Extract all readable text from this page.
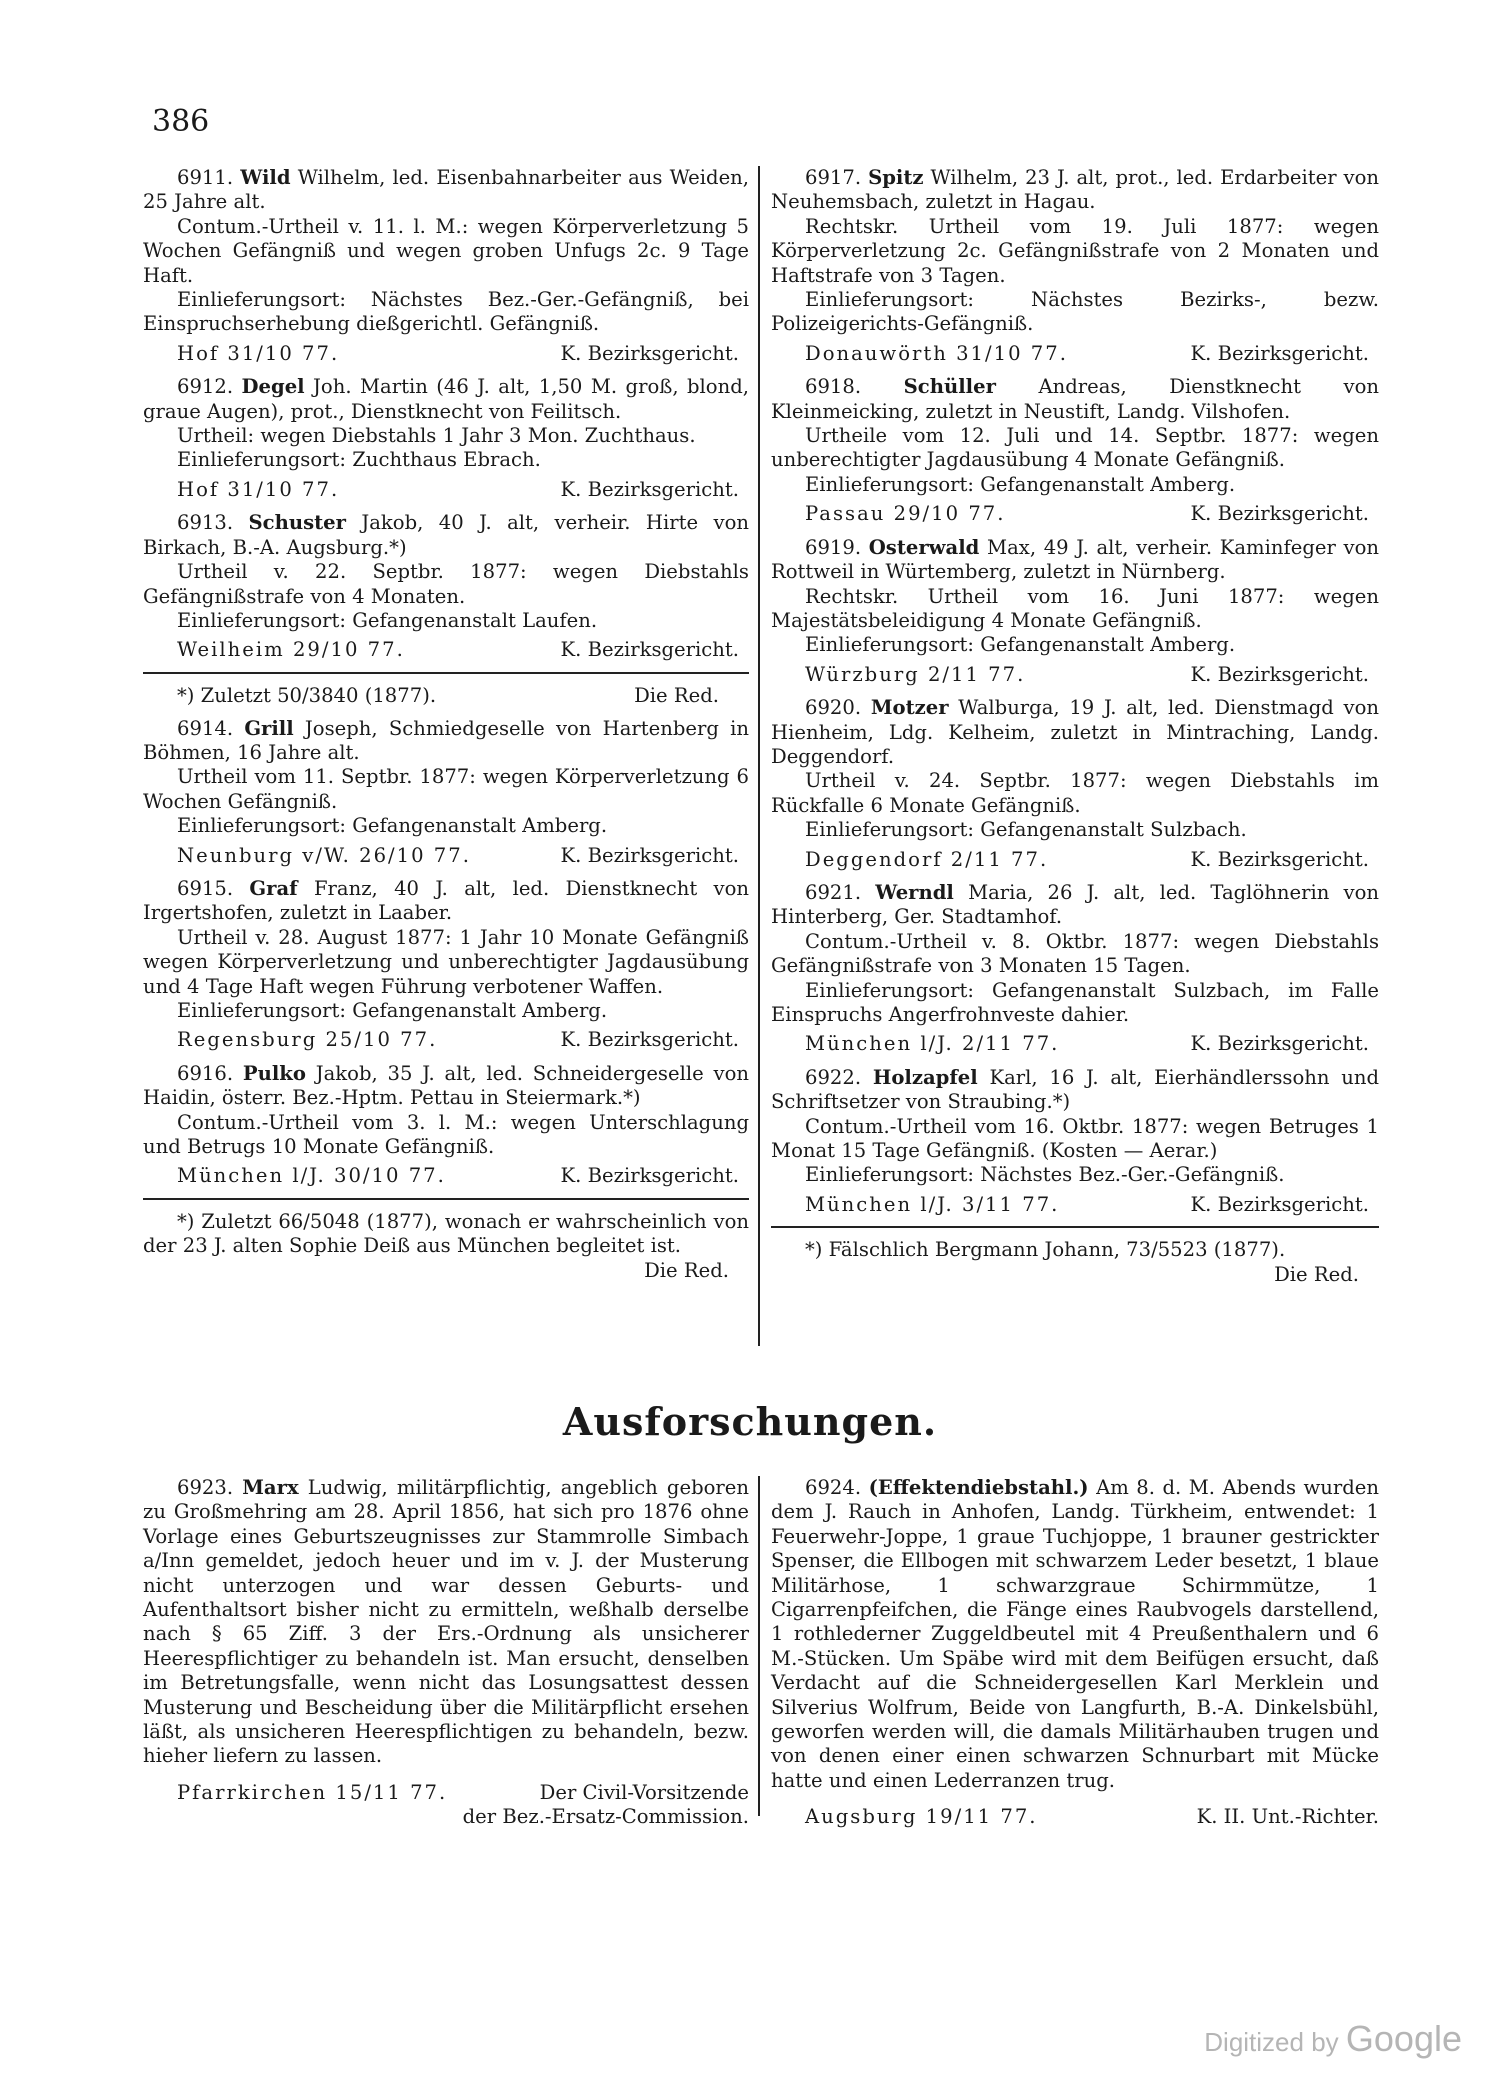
386

6911. Wild Wilhelm, led. Eisenbahnarbeiter aus Weiden, 25 Jahre alt.

Contum.-Urtheil v. 11. l. M.: wegen Körperverletzung 5 Wochen Gefängniß und wegen groben Unfugs 2c. 9 Tage Haft.

Einlieferungsort: Nächstes Bez.-Ger.-Gefängniß, bei Einspruchserhebung dießgerichtl. Gefängniß.

Hof 31/10 77.	K. Bezirksgericht.

6912. Degel Joh. Martin (46 J. alt, 1,50 M. groß, blond, graue Augen), prot., Dienstknecht von Feilitsch.

Urtheil: wegen Diebstahls 1 Jahr 3 Mon. Zuchthaus.

Einlieferungsort: Zuchthaus Ebrach.

Hof 31/10 77.	K. Bezirksgericht.

6913. Schuster Jakob, 40 J. alt, verheir. Hirte von Birkach, B.-A. Augsburg.*)

Urtheil v. 22. Septbr. 1877: wegen Diebstahls Gefängnißstrafe von 4 Monaten.

Einlieferungsort: Gefangenanstalt Laufen.

Weilheim 29/10 77.	K. Bezirksgericht.

*) Zuletzt 50/3840 (1877).	Die Red.

6914. Grill Joseph, Schmiedgeselle von Hartenberg in Böhmen, 16 Jahre alt.

Urtheil vom 11. Septbr. 1877: wegen Körperverletzung 6 Wochen Gefängniß.

Einlieferungsort: Gefangenanstalt Amberg.

Neunburg v/W. 26/10 77.	K. Bezirksgericht.

6915. Graf Franz, 40 J. alt, led. Dienstknecht von Irgertshofen, zuletzt in Laaber.

Urtheil v. 28. August 1877: 1 Jahr 10 Monate Gefängniß wegen Körperverletzung und unberechtigter Jagdausübung und 4 Tage Haft wegen Führung verbotener Waffen.

Einlieferungsort: Gefangenanstalt Amberg.

Regensburg 25/10 77.	K. Bezirksgericht.

6916. Pulko Jakob, 35 J. alt, led. Schneidergeselle von Haidin, österr. Bez.-Hptm. Pettau in Steiermark.*)

Contum.-Urtheil vom 3. l. M.: wegen Unterschlagung und Betrugs 10 Monate Gefängniß.

München l/J. 30/10 77.	K. Bezirksgericht.

*) Zuletzt 66/5048 (1877), wonach er wahrscheinlich von der 23 J. alten Sophie Deiß aus München begleitet ist.

Die Red.

6917. Spitz Wilhelm, 23 J. alt, prot., led. Erdarbeiter von Neuhemsbach, zuletzt in Hagau.

Rechtskr. Urtheil vom 19. Juli 1877: wegen Körperverletzung 2c. Gefängnißstrafe von 2 Monaten und Haftstrafe von 3 Tagen.

Einlieferungsort: Nächstes Bezirks-, bezw. Polizeigerichts-Gefängniß.

Donauwörth 31/10 77.	K. Bezirksgericht.

6918. Schüller Andreas, Dienstknecht von Kleinmeicking, zuletzt in Neustift, Landg. Vilshofen.

Urtheile vom 12. Juli und 14. Septbr. 1877: wegen unberechtigter Jagdausübung 4 Monate Gefängniß.

Einlieferungsort: Gefangenanstalt Amberg.

Passau 29/10 77.	K. Bezirksgericht.

6919. Osterwald Max, 49 J. alt, verheir. Kaminfeger von Rottweil in Würtemberg, zuletzt in Nürnberg.

Rechtskr. Urtheil vom 16. Juni 1877: wegen Majestätsbeleidigung 4 Monate Gefängniß.

Einlieferungsort: Gefangenanstalt Amberg.

Würzburg 2/11 77.	K. Bezirksgericht.

6920. Motzer Walburga, 19 J. alt, led. Dienstmagd von Hienheim, Ldg. Kelheim, zuletzt in Mintraching, Landg. Deggendorf.

Urtheil v. 24. Septbr. 1877: wegen Diebstahls im Rückfalle 6 Monate Gefängniß.

Einlieferungsort: Gefangenanstalt Sulzbach.

Deggendorf 2/11 77.	K. Bezirksgericht.

6921. Werndl Maria, 26 J. alt, led. Taglöhnerin von Hinterberg, Ger. Stadtamhof.

Contum.-Urtheil v. 8. Oktbr. 1877: wegen Diebstahls Gefängnißstrafe von 3 Monaten 15 Tagen.

Einlieferungsort: Gefangenanstalt Sulzbach, im Falle Einspruchs Angerfrohnveste dahier.

München l/J. 2/11 77.	K. Bezirksgericht.

6922. Holzapfel Karl, 16 J. alt, Eierhändlerssohn und Schriftsetzer von Straubing.*)

Contum.-Urtheil vom 16. Oktbr. 1877: wegen Betruges 1 Monat 15 Tage Gefängniß. (Kosten — Aerar.)

Einlieferungsort: Nächstes Bez.-Ger.-Gefängniß.

München l/J. 3/11 77.	K. Bezirksgericht.

*) Fälschlich Bergmann Johann, 73/5523 (1877).

Die Red.

Ausforschungen.

6923. Marx Ludwig, militärpflichtig, angeblich geboren zu Großmehring am 28. April 1856, hat sich pro 1876 ohne Vorlage eines Geburtszeugnisses zur Stammrolle Simbach a/Inn gemeldet, jedoch heuer und im v. J. der Musterung nicht unterzogen und war dessen Geburts- und Aufenthaltsort bisher nicht zu ermitteln, weßhalb derselbe nach § 65 Ziff. 3 der Ers.-Ordnung als unsicherer Heerespflichtiger zu behandeln ist. Man ersucht, denselben im Betretungsfalle, wenn nicht das Losungsattest dessen Musterung und Bescheidung über die Militärpflicht ersehen läßt, als unsicheren Heerespflichtigen zu behandeln, bezw. hieher liefern zu lassen.

Pfarrkirchen 15/11 77.	Der Civil-Vorsitzende
der Bez.-Ersatz-Commission.

6924. (Effektendiebstahl.) Am 8. d. M. Abends wurden dem J. Rauch in Anhofen, Landg. Türkheim, entwendet: 1 Feuerwehr-Joppe, 1 graue Tuchjoppe, 1 brauner gestrickter Spenser, die Ellbogen mit schwarzem Leder besetzt, 1 blaue Militärhose, 1 schwarzgraue Schirmmütze, 1 Cigarrenpfeifchen, die Fänge eines Raubvogels darstellend, 1 rothlederner Zuggeldbeutel mit 4 Preußenthalern und 6 M.-Stücken. Um Späbe wird mit dem Beifügen ersucht, daß Verdacht auf die Schneidergesellen Karl Merklein und Silverius Wolfrum, Beide von Langfurth, B.-A. Dinkelsbühl, geworfen werden will, die damals Militärhauben trugen und von denen einer einen schwarzen Schnurbart mit Mücke hatte und einen Lederranzen trug.

Augsburg 19/11 77.	K. II. Unt.-Richter.
Digitized by Google
